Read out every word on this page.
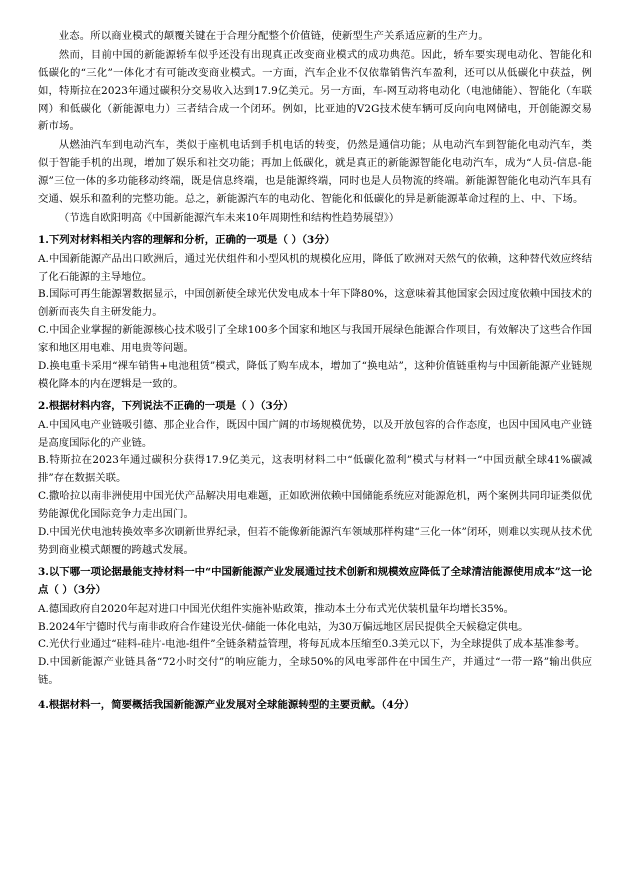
业态。所以商业模式的颠覆关键在于合理分配整个价值链，使新型生产关系适应新的生产力。

然而，目前中国的新能源轿车似乎还没有出现真正改变商业模式的成功典范。因此，轿车要实现电动化、智能化和低碳化的“三化”一体化才有可能改变商业模式。一方面，汽车企业不仅依靠销售汽车盈利，还可以从低碳化中获益，例如，特斯拉在2023年通过碳积分交易收入达到17.9亿美元。另一方面，车-网互动将电动化（电池储能）、智能化（车联网）和低碳化（新能源电力）三者结合成一个闭环。例如，比亚迪的V2G技术使车辆可反向向电网储电，开创能源交易新市场。

从燃油汽车到电动汽车，类似于座机电话到手机电话的转变，仍然是通信功能；从电动汽车到智能化电动汽车，类似于智能手机的出现，增加了娱乐和社交功能；再加上低碳化，就是真正的新能源智能化电动汽车，成为“人员-信息-能源”三位一体的多功能移动终端，既是信息终端，也是能源终端，同时也是人员物流的终端。新能源智能化电动汽车具有交通、娱乐和盈利的完整功能。总之，新能源汽车的电动化、智能化和低碳化的异是新能源革命过程的上、中、下场。

（节选自欧阳明高《中国新能源汽车未来10年周期性和结构性趋势展望》）

1.下列对材料相关内容的理解和分析，正确的一项是（ ）（3分）

A.中国新能源产品出口欧洲后，通过光伏组件和小型风机的规模化应用，降低了欧洲对天然气的依赖，这种替代效应终结了化石能源的主导地位。

B.国际可再生能源署数据显示，中国创新使全球光伏发电成本十年下降80%，这意味着其他国家会因过度依赖中国技术的创新而丧失自主研发能力。

C.中国企业掌握的新能源核心技术吸引了全球100多个国家和地区与我国开展绿色能源合作项目，有效解决了这些合作国家和地区用电难、用电贵等问题。

D.换电重卡采用“裸车销售+电池租赁”模式，降低了购车成本，增加了“换电站”，这种价值链重构与中国新能源产业链规模化降本的内在逻辑是一致的。

2.根据材料内容，下列说法不正确的一项是（ ）（3分）

A.中国风电产业链吸引德、那企业合作，既因中国广阔的市场规模优势，以及开放包容的合作态度，也因中国风电产业链是高度国际化的产业链。

B.特斯拉在2023年通过碳积分获得17.9亿美元，这表明材料二中“低碳化盈利”模式与材料一“中国贡献全球41%碳减排”存在数据关联。

C.撒哈拉以南非洲使用中国光伏产品解决用电难题，正如欧洲依赖中国储能系统应对能源危机，两个案例共同印证类似优势能源优化国际竞争力走出国门。

D.中国光伏电池转换效率多次刷新世界纪录，但若不能像新能源汽车领域那样构建“三化一体”闭环，则难以实现从技术优势到商业模式颠覆的跨越式发展。

3.以下哪一项论据最能支持材料一中“中国新能源产业发展通过技术创新和规模效应降低了全球清洁能源使用成本”这一论点（ ）（3分）

A.德国政府自2020年起对进口中国光伏组件实施补贴政策，推动本土分布式光伏装机量年均增长35%。

B.2024年宁德时代与南非政府合作建设光伏-储能一体化电站，为30万偏远地区居民提供全天候稳定供电。

C.光伏行业通过“硅料-硅片-电池-组件”全链条精益管理，将每瓦成本压缩至0.3美元以下，为全球提供了成本基准参考。

D.中国新能源产业链具备“72小时交付”的响应能力，全球50%的风电零部件在中国生产，并通过“一带一路”输出供应链。

4.根据材料一，简要概括我国新能源产业发展对全球能源转型的主要贡献。（4分）
